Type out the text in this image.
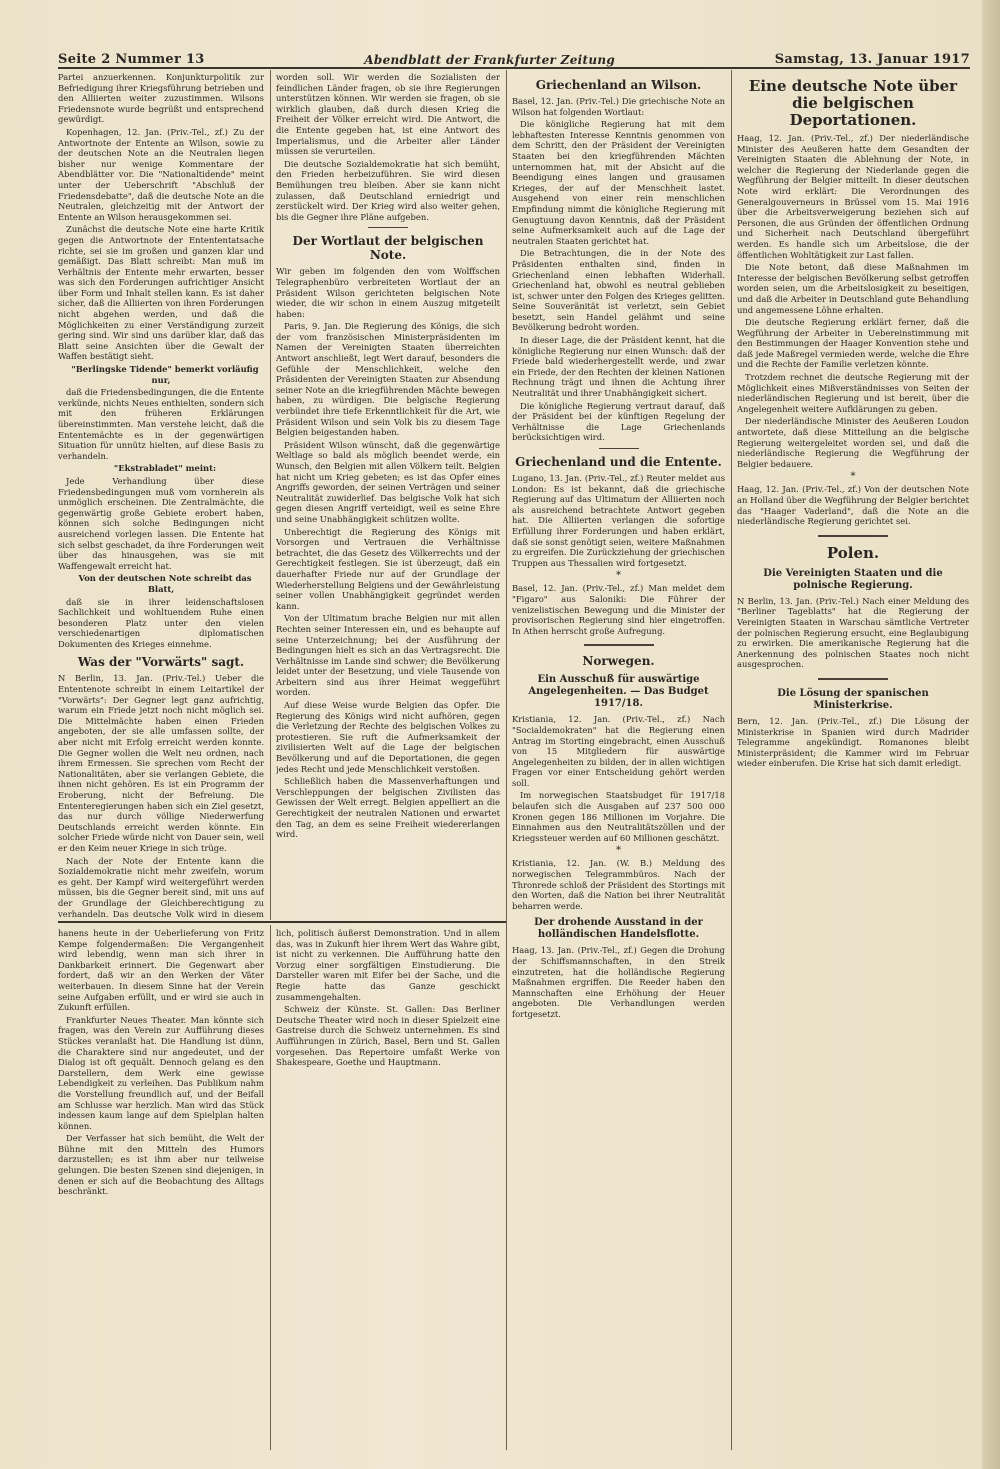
Seite 2 Nummer 13	Abendblatt der Frankfurter Zeitung	Samstag, 13. Januar 1917

Partei anzuerkennen. Konjunkturpolitik zur Befriedigung ihrer Kriegsführung betrieben und den Alliierten weiter zuzustimmen. Wilsons Friedensnote wurde begrüßt und entsprechend gewürdigt.

Kopenhagen, 12. Jan. (Priv.-Tel., zf.) Zu der Antwortnote der Entente an Wilson, sowie zu der deutschen Note an die Neutralen liegen bisher nur wenige Kommentare der Abendblätter vor. Die "Nationaltidende" meint unter der Ueberschrift "Abschluß der Friedensdebatte", daß die deutsche Note an die Neutralen, gleichzeitig mit der Antwort der Entente an Wilson herausgekommen sei.

Zunächst die deutsche Note eine harte Kritik gegen die Antwortnote der Entententatsache richte, sei sie im großen und ganzen klar und gemäßigt. Das Blatt schreibt: Man muß im Verhältnis der Entente mehr erwarten, besser was sich den Forderungen aufrichtiger Ansicht über Form und Inhalt stellen kann. Es ist daher sicher, daß die Alliierten von ihren Forderungen nicht abgehen werden, und daß die Möglichkeiten zu einer Verständigung zurzeit gering sind. Wir sind uns darüber klar, daß das Blatt seine Ansichten über die Gewalt der Waffen bestätigt sieht.

"Berlingske Tidende" bemerkt vorläufig nur,

daß die Friedensbedingungen, die die Entente verkünde, nichts Neues enthielten, sondern sich mit den früheren Erklärungen übereinstimmten. Man verstehe leicht, daß die Ententemächte es in der gegenwärtigen Situation für unnütz hielten, auf diese Basis zu verhandeln.

"Ekstrabladet" meint:

Jede Verhandlung über diese Friedensbedingungen muß vom vornherein als unmöglich erscheinen. Die Zentralmächte, die gegenwärtig große Gebiete erobert haben, können sich solche Bedingungen nicht ausreichend vorlegen lassen. Die Entente hat sich selbst geschadet, da ihre Forderungen weit über das hinausgehen, was sie mit Waffengewalt erreicht hat.

Von der deutschen Note schreibt das Blatt,

daß sie in ihrer leidenschaftslosen Sachlichkeit und wohltuendem Ruhe einen besonderen Platz unter den vielen verschiedenartigen diplomatischen Dokumenten des Krieges einnehme.

Was der "Vorwärts" sagt.

N Berlin, 13. Jan. (Priv.-Tel.) Ueber die Ententenote schreibt in einem Leitartikel der "Vorwärts": Der Gegner legt ganz aufrichtig, warum ein Friede jetzt noch nicht möglich sei. Die Mittelmächte haben einen Frieden angeboten, der sie alle umfassen sollte, der aber nicht mit Erfolg erreicht werden konnte. Die Gegner wollen die Welt neu ordnen, nach ihrem Ermessen. Sie sprechen vom Recht der Nationalitäten, aber sie verlangen Gebiete, die ihnen nicht gehören. Es ist ein Programm der Eroberung, nicht der Befreiung. Die Ententeregierungen haben sich ein Ziel gesetzt, das nur durch völlige Niederwerfung Deutschlands erreicht werden könnte. Ein solcher Friede würde nicht von Dauer sein, weil er den Keim neuer Kriege in sich trüge.

Nach der Note der Entente kann die Sozialdemokratie nicht mehr zweifeln, worum es geht. Der Kampf wird weitergeführt werden müssen, bis die Gegner bereit sind, mit uns auf der Grundlage der Gleichberechtigung zu verhandeln. Das deutsche Volk wird in diesem

worden soll. Wir werden die Sozialisten der feindlichen Länder fragen, ob sie ihre Regierungen unterstützen können. Wir werden sie fragen, ob sie wirklich glauben, daß durch diesen Krieg die Freiheit der Völker erreicht wird. Die Antwort, die die Entente gegeben hat, ist eine Antwort des Imperialismus, und die Arbeiter aller Länder müssen sie verurteilen.

Die deutsche Sozialdemokratie hat sich bemüht, den Frieden herbeizuführen. Sie wird diesen Bemühungen treu bleiben. Aber sie kann nicht zulassen, daß Deutschland erniedrigt und zerstückelt wird. Der Krieg wird also weiter gehen, bis die Gegner ihre Pläne aufgeben.

Der Wortlaut der belgischen Note.

Wir geben im folgenden den vom Wolffschen Telegraphenbüro verbreiteten Wortlaut der an Präsident Wilson gerichteten belgischen Note wieder, die wir schon in einem Auszug mitgeteilt haben:

Paris, 9. Jan. Die Regierung des Königs, die sich der vom französischen Ministerpräsidenten im Namen der Vereinigten Staaten überreichten Antwort anschließt, legt Wert darauf, besonders die Gefühle der Menschlichkeit, welche den Präsidenten der Vereinigten Staaten zur Absendung seiner Note an die kriegführenden Mächte bewegen haben, zu würdigen. Die belgische Regierung verbündet ihre tiefe Erkenntlichkeit für die Art, wie Präsident Wilson und sein Volk bis zu diesem Tage Belgien beigestanden haben.

Präsident Wilson wünscht, daß die gegenwärtige Weltlage so bald als möglich beendet werde, ein Wunsch, den Belgien mit allen Völkern teilt. Belgien hat nicht um Krieg gebeten; es ist das Opfer eines Angriffs geworden, der seinen Verträgen und seiner Neutralität zuwiderlief. Das belgische Volk hat sich gegen diesen Angriff verteidigt, weil es seine Ehre und seine Unabhängigkeit schützen wollte.

Unberechtigt die Regierung des Königs mit Vorsorgen und Vertrauen die Verhältnisse betrachtet, die das Gesetz des Völkerrechts und der Gerechtigkeit festlegen. Sie ist überzeugt, daß ein dauerhafter Friede nur auf der Grundlage der Wiederherstellung Belgiens und der Gewährleistung seiner vollen Unabhängigkeit gegründet werden kann.

Von der Ultimatum brache Belgien nur mit allen Rechten seiner Interessen ein, und es behaupte auf seine Unterzeichnung; bei der Ausführung der Bedingungen hielt es sich an das Vertragsrecht. Die Verhältnisse im Lande sind schwer; die Bevölkerung leidet unter der Besetzung, und viele Tausende von Arbeitern sind aus ihrer Heimat weggeführt worden.

Auf diese Weise wurde Belgien das Opfer. Die Regierung des Königs wird nicht aufhören, gegen die Verletzung der Rechte des belgischen Volkes zu protestieren. Sie ruft die Aufmerksamkeit der zivilisierten Welt auf die Lage der belgischen Bevölkerung und auf die Deportationen, die gegen jedes Recht und jede Menschlichkeit verstoßen.

Schließlich haben die Massenverhaftungen und Verschleppungen der belgischen Zivilisten das Gewissen der Welt erregt. Belgien appelliert an die Gerechtigkeit der neutralen Nationen und erwartet den Tag, an dem es seine Freiheit wiedererlangen wird.

Griechenland an Wilson.

Basel, 12. Jan. (Priv.-Tel.) Die griechische Note an Wilson hat folgenden Wortlaut:

Die königliche Regierung hat mit dem lebhaftesten Interesse Kenntnis genommen von dem Schritt, den der Präsident der Vereinigten Staaten bei den kriegführenden Mächten unternommen hat, mit der Absicht auf die Beendigung eines langen und grausamen Krieges, der auf der Menschheit lastet. Ausgehend von einer rein menschlichen Empfindung nimmt die königliche Regierung mit Genugtuung davon Kenntnis, daß der Präsident seine Aufmerksamkeit auch auf die Lage der neutralen Staaten gerichtet hat.

Die Betrachtungen, die in der Note des Präsidenten enthalten sind, finden in Griechenland einen lebhaften Widerhall. Griechenland hat, obwohl es neutral geblieben ist, schwer unter den Folgen des Krieges gelitten. Seine Souveränität ist verletzt, sein Gebiet besetzt, sein Handel gelähmt und seine Bevölkerung bedroht worden.

In dieser Lage, die der Präsident kennt, hat die königliche Regierung nur einen Wunsch: daß der Friede bald wiederhergestellt werde, und zwar ein Friede, der den Rechten der kleinen Nationen Rechnung trägt und ihnen die Achtung ihrer Neutralität und ihrer Unabhängigkeit sichert.

Die königliche Regierung vertraut darauf, daß der Präsident bei der künftigen Regelung der Verhältnisse die Lage Griechenlands berücksichtigen wird.

Griechenland und die Entente.

Lugano, 13. Jan. (Priv.-Tel., zf.) Reuter meldet aus London: Es ist bekannt, daß die griechische Regierung auf das Ultimatum der Alliierten noch als ausreichend betrachtete Antwort gegeben hat. Die Alliierten verlangen die sofortige Erfüllung ihrer Forderungen und haben erklärt, daß sie sonst genötigt seien, weitere Maßnahmen zu ergreifen. Die Zurückziehung der griechischen Truppen aus Thessalien wird fortgesetzt.

*

Basel, 12. Jan. (Priv.-Tel., zf.) Man meldet dem "Figaro" aus Saloniki: Die Führer der venizelistischen Bewegung und die Minister der provisorischen Regierung sind hier eingetroffen. In Athen herrscht große Aufregung.

Norwegen.
Ein Ausschuß für auswärtige Angelegenheiten. — Das Budget 1917/18.

Kristiania, 12. Jan. (Priv.-Tel., zf.) Nach "Socialdemokraten" hat die Regierung einen Antrag im Storting eingebracht, einen Ausschuß von 15 Mitgliedern für auswärtige Angelegenheiten zu bilden, der in allen wichtigen Fragen vor einer Entscheidung gehört werden soll.

Im norwegischen Staatsbudget für 1917/18 belaufen sich die Ausgaben auf 237 500 000 Kronen gegen 186 Millionen im Vorjahre. Die Einnahmen aus den Neutralitätszöllen und der Kriegssteuer werden auf 60 Millionen geschätzt.

*

Kristiania, 12. Jan. (W. B.) Meldung des norwegischen Telegrammbüros. Nach der Thronrede schloß der Präsident des Stortings mit den Worten, daß die Nation bei ihrer Neutralität beharren werde.

Der drohende Ausstand in der holländischen Handelsflotte.

Haag, 13. Jan. (Priv.-Tel., zf.) Gegen die Drohung der Schiffsmannschaften, in den Streik einzutreten, hat die holländische Regierung Maßnahmen ergriffen. Die Reeder haben den Mannschaften eine Erhöhung der Heuer angeboten. Die Verhandlungen werden fortgesetzt.

Eine deutsche Note über die belgischen Deportationen.

Haag, 12. Jan. (Priv.-Tel., zf.) Der niederländische Minister des Aeußeren hatte dem Gesandten der Vereinigten Staaten die Ablehnung der Note, in welcher die Regierung der Niederlande gegen die Wegführung der Belgier mitteilt. In dieser deutschen Note wird erklärt: Die Verordnungen des Generalgouverneurs in Brüssel vom 15. Mai 1916 über die Arbeitsverweigerung beziehen sich auf Personen, die aus Gründen der öffentlichen Ordnung und Sicherheit nach Deutschland übergeführt werden. Es handle sich um Arbeitslose, die der öffentlichen Wohltätigkeit zur Last fallen.

Die Note betont, daß diese Maßnahmen im Interesse der belgischen Bevölkerung selbst getroffen worden seien, um die Arbeitslosigkeit zu beseitigen, und daß die Arbeiter in Deutschland gute Behandlung und angemessene Löhne erhalten.

Die deutsche Regierung erklärt ferner, daß die Wegführung der Arbeiter in Uebereinstimmung mit den Bestimmungen der Haager Konvention stehe und daß jede Maßregel vermieden werde, welche die Ehre und die Rechte der Familie verletzen könnte.

Trotzdem rechnet die deutsche Regierung mit der Möglichkeit eines Mißverständnisses von Seiten der niederländischen Regierung und ist bereit, über die Angelegenheit weitere Aufklärungen zu geben.

Der niederländische Minister des Aeußeren Loudon antwortete, daß diese Mitteilung an die belgische Regierung weitergeleitet worden sei, und daß die niederländische Regierung die Wegführung der Belgier bedauere.

*

Haag, 12. Jan. (Priv.-Tel., zf.) Von der deutschen Note an Holland über die Wegführung der Belgier berichtet das "Haager Vaderland", daß die Note an die niederländische Regierung gerichtet sei.

Polen.
Die Vereinigten Staaten und die polnische Regierung.

N Berlin, 13. Jan. (Priv.-Tel.) Nach einer Meldung des "Berliner Tageblatts" hat die Regierung der Vereinigten Staaten in Warschau sämtliche Vertreter der polnischen Regierung ersucht, eine Beglaubigung zu erwirken. Die amerikanische Regierung hat die Anerkennung des polnischen Staates noch nicht ausgesprochen.

Die Lösung der spanischen Ministerkrise.

Bern, 12. Jan. (Priv.-Tel., zf.) Die Lösung der Ministerkrise in Spanien wird durch Madrider Telegramme angekündigt. Romanones bleibt Ministerpräsident; die Kammer wird im Februar wieder einberufen. Die Krise hat sich damit erledigt.

hanens heute in der Ueberlieferung von Fritz Kempe folgendermaßen: Die Vergangenheit wird lebendig, wenn man sich ihrer in Dankbarkeit erinnert. Die Gegenwart aber fordert, daß wir an den Werken der Väter weiterbauen. In diesem Sinne hat der Verein seine Aufgaben erfüllt, und er wird sie auch in Zukunft erfüllen.

Frankfurter Neues Theater. Man könnte sich fragen, was den Verein zur Aufführung dieses Stückes veranlaßt hat. Die Handlung ist dünn, die Charaktere sind nur angedeutet, und der Dialog ist oft gequält. Dennoch gelang es den Darstellern, dem Werk eine gewisse Lebendigkeit zu verleihen. Das Publikum nahm die Vorstellung freundlich auf, und der Beifall am Schlusse war herzlich. Man wird das Stück indessen kaum lange auf dem Spielplan halten können.

Der Verfasser hat sich bemüht, die Welt der Bühne mit den Mitteln des Humors darzustellen; es ist ihm aber nur teilweise gelungen. Die besten Szenen sind diejenigen, in denen er sich auf die Beobachtung des Alltags beschränkt.

lich, politisch äußerst Demonstration. Und in allem das, was in Zukunft hier ihrem Wert das Wahre gibt, ist nicht zu verkennen. Die Aufführung hatte den Vorzug einer sorgfältigen Einstudierung. Die Darsteller waren mit Eifer bei der Sache, und die Regie hatte das Ganze geschickt zusammengehalten.

Schweiz der Künste. St. Gallen: Das Berliner Deutsche Theater wird noch in dieser Spielzeit eine Gastreise durch die Schweiz unternehmen. Es sind Aufführungen in Zürich, Basel, Bern und St. Gallen vorgesehen. Das Repertoire umfaßt Werke von Shakespeare, Goethe und Hauptmann.
